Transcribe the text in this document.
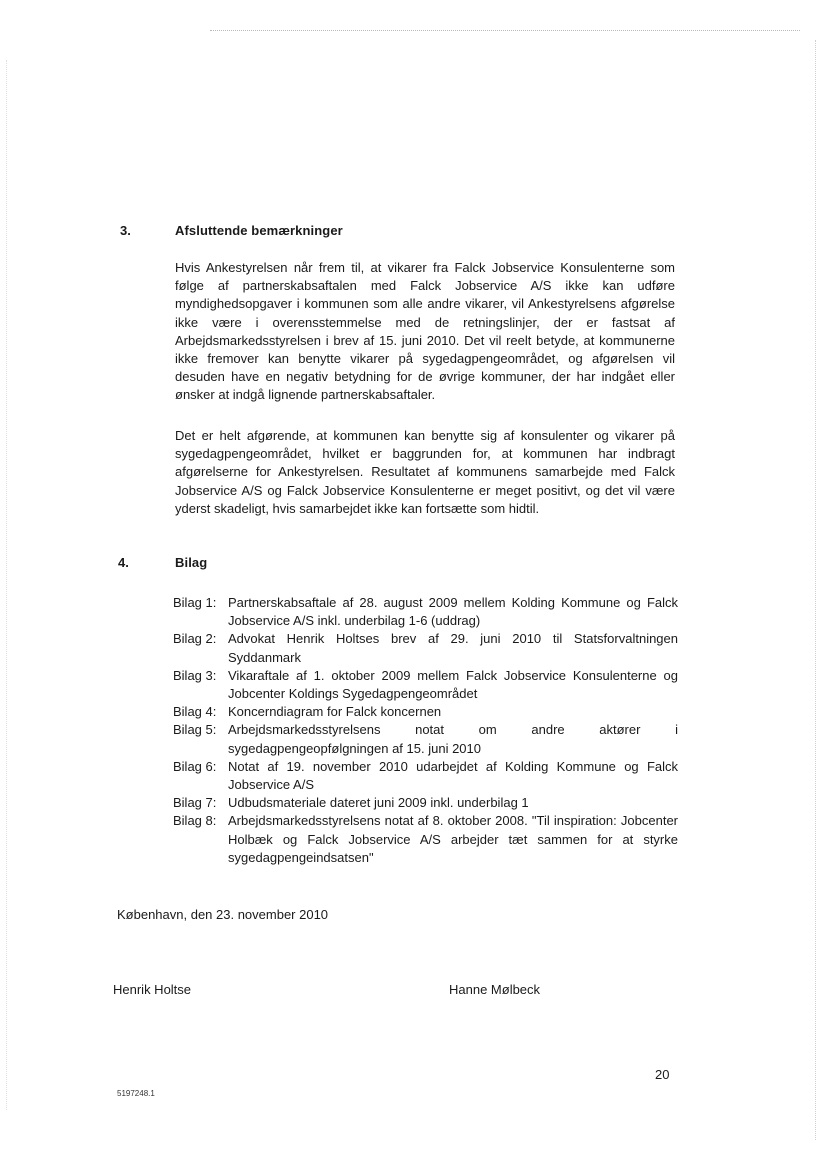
3.	Afsluttende bemærkninger

Hvis Ankestyrelsen når frem til, at vikarer fra Falck Jobservice Konsulenterne som følge af partnerskabsaftalen med Falck Jobservice A/S ikke kan udføre myndighedsopgaver i kommunen som alle andre vikarer, vil Ankestyrelsens afgørelse ikke være i overensstemmelse med de retningslinjer, der er fastsat af Arbejdsmarkedsstyrelsen i brev af 15. juni 2010. Det vil reelt betyde, at kommunerne ikke fremover kan benytte vikarer på sygedagpengeområdet, og afgørelsen vil desuden have en negativ betydning for de øvrige kommuner, der har indgået eller ønsker at indgå lignende partnerskabsaftaler.

Det er helt afgørende, at kommunen kan benytte sig af konsulenter og vikarer på sygedagpengeområdet, hvilket er baggrunden for, at kommunen har indbragt afgørelserne for Ankestyrelsen. Resultatet af kommunens samarbejde med Falck Jobservice A/S og Falck Jobservice Konsulenterne er meget positivt, og det vil være yderst skadeligt, hvis samarbejdet ikke kan fortsætte som hidtil.

4.	Bilag
Bilag 1: Partnerskabsaftale af 28. august 2009 mellem Kolding Kommune og Falck Jobservice A/S inkl. underbilag 1-6 (uddrag)
Bilag 2: Advokat Henrik Holtses brev af 29. juni 2010 til Statsforvaltningen Syddanmark
Bilag 3: Vikaraftale af 1. oktober 2009 mellem Falck Jobservice Konsulenterne og Jobcenter Koldings Sygedagpengeområdet
Bilag 4: Koncerndiagram for Falck koncernen
Bilag 5: Arbejdsmarkedsstyrelsens notat om andre aktører i sygedagpengeopfølgningen af 15. juni 2010
Bilag 6: Notat af 19. november 2010 udarbejdet af Kolding Kommune og Falck Jobservice A/S
Bilag 7: Udbudsmateriale dateret juni 2009 inkl. underbilag 1
Bilag 8: Arbejdsmarkedsstyrelsens notat af 8. oktober 2008. "Til inspiration: Jobcenter Holbæk og Falck Jobservice A/S arbejder tæt sammen for at styrke sygedagpengeindsatsen"
København, den 23. november 2010
Henrik Holtse	Hanne Mølbeck
20
5197248.1
